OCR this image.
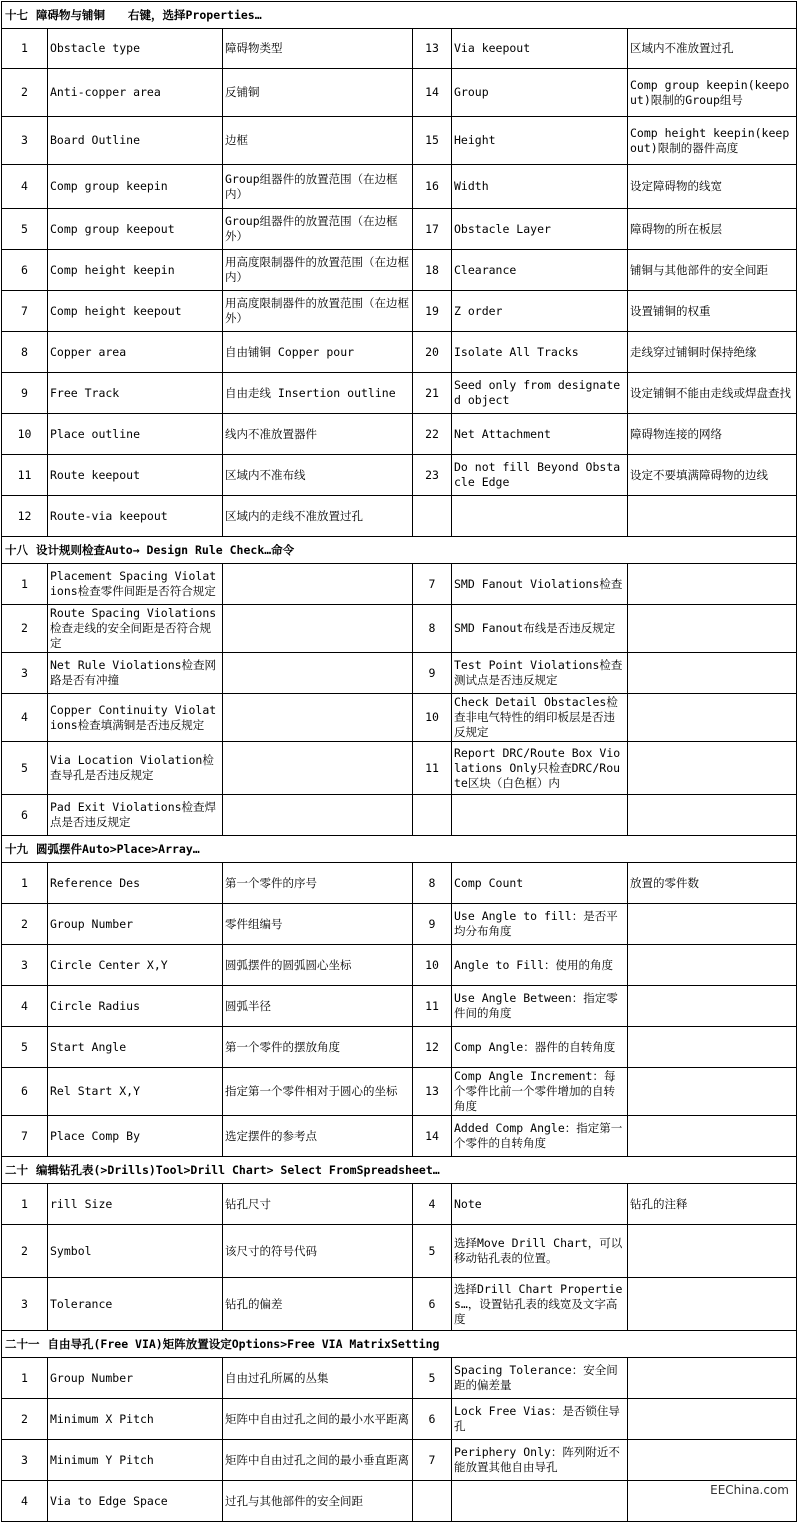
十七 障碍物与铺铜　　右键，选择Properties…					
1	Obstacle type	障碍物类型	13	Via keepout	区域内不准放置过孔
2	Anti-copper area	反铺铜	14	Group	Comp group keepin(keepout)限制的Group组号
3	Board Outline	边框	15	Height	Comp height keepin(keepout)限制的器件高度
4	Comp group keepin	Group组器件的放置范围（在边框内）	16	Width	设定障碍物的线宽
5	Comp group keepout	Group组器件的放置范围（在边框外）	17	Obstacle Layer	障碍物的所在板层
6	Comp height keepin	用高度限制器件的放置范围（在边框内）	18	Clearance	铺铜与其他部件的安全间距
7	Comp height keepout	用高度限制器件的放置范围（在边框外）	19	Z order	设置铺铜的权重
8	Copper area	自由铺铜 Copper pour	20	Isolate All Tracks	走线穿过铺铜时保持绝缘
9	Free Track	自由走线 Insertion outline	21	Seed only from designated object	设定铺铜不能由走线或焊盘查找
10	Place outline	线内不准放置器件	22	Net Attachment	障碍物连接的网络
11	Route keepout	区域内不准布线	23	Do not fill Beyond Obstacle Edge	设定不要填满障碍物的边线
12	Route-via keepout	区域内的走线不准放置过孔			
十八 设计规则检查Auto→ Design Rule Check…命令					
1	Placement Spacing Violations检查零件间距是否符合规定		7	SMD Fanout Violations检查	
2	Route Spacing Violations检查走线的安全间距是否符合规定		8	SMD Fanout布线是否违反规定	
3	Net Rule Violations检查网路是否有冲撞		9	Test Point Violations检查测试点是否违反规定	
4	Copper Continuity Violations检查填满铜是否违反规定		10	Check Detail Obstacles检查非电气特性的绢印板层是否违反规定	
5	Via Location Violation检查导孔是否违反规定		11	Report DRC/Route Box Violations Only只检查DRC/Route区块（白色框）内	
6	Pad Exit Violations检查焊点是否违反规定				
十九 圆弧摆件Auto>Place>Array…					
1	Reference Des	第一个零件的序号	8	Comp Count	放置的零件数
2	Group Number	零件组编号	9	Use Angle to fill：是否平均分布角度	
3	Circle Center X,Y	圆弧摆件的圆弧圆心坐标	10	Angle to Fill：使用的角度	
4	Circle Radius	圆弧半径	11	Use Angle Between：指定零件间的角度	
5	Start Angle	第一个零件的摆放角度	12	Comp Angle：器件的自转角度	
6	Rel Start X,Y	指定第一个零件相对于圆心的坐标	13	Comp Angle Increment：每个零件比前一个零件增加的自转角度	
7	Place Comp By	选定摆件的参考点	14	Added Comp Angle：指定第一个零件的自转角度	
二十 编辑钻孔表(>Drills)Tool>Drill Chart> Select FromSpreadsheet…					
1	rill Size	钻孔尺寸	4	Note	钻孔的注释
2	Symbol	该尺寸的符号代码	5	选择Move Drill Chart，可以移动钻孔表的位置。	
3	Tolerance	钻孔的偏差	6	选择Drill Chart Properties…，设置钻孔表的线宽及文字高度	
二十一 自由导孔(Free VIA)矩阵放置设定Options>Free VIA MatrixSetting					
1	Group Number	自由过孔所属的丛集	5	Spacing Tolerance：安全间距的偏差量	
2	Minimum X Pitch	矩阵中自由过孔之间的最小水平距离	6	Lock Free Vias：是否锁住导孔	
3	Minimum Y Pitch	矩阵中自由过孔之间的最小垂直距离	7	Periphery Only：阵列附近不能放置其他自由导孔	
4	Via to Edge Space	过孔与其他部件的安全间距			
EEChina.com
